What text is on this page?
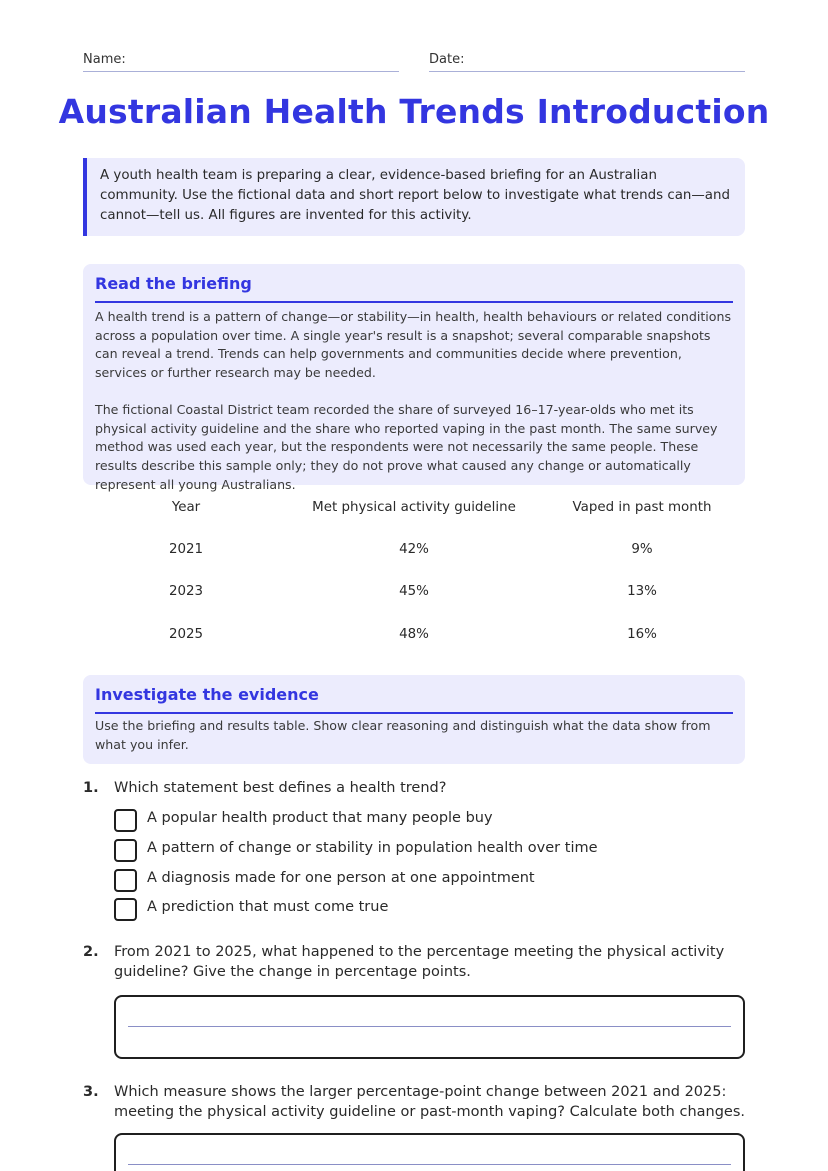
Name:	Date:
Australian Health Trends Introduction
A youth health team is preparing a clear, evidence-based briefing for an Australian community. Use the fictional data and short report below to investigate what trends can—and cannot—tell us. All figures are invented for this activity.
Read the briefing

A health trend is a pattern of change—or stability—in health, health behaviours or related conditions across a population over time. A single year's result is a snapshot; several comparable snapshots can reveal a trend. Trends can help governments and communities decide where prevention, services or further research may be needed.

The fictional Coastal District team recorded the share of surveyed 16–17-year-olds who met its physical activity guideline and the share who reported vaping in the past month. The same survey method was used each year, but the respondents were not necessarily the same people. These results describe this sample only; they do not prove what caused any change or automatically represent all young Australians.

Year	Met physical activity guideline	Vaped in past month
2021	42%	9%
2023	45%	13%
2025	48%	16%
Investigate the evidence

Use the briefing and results table. Show clear reasoning and distinguish what the data show from what you infer.

1. Which statement best defines a health trend?
A popular health product that many people buy
A pattern of change or stability in population health over time
A diagnosis made for one person at one appointment
A prediction that must come true
2. From 2021 to 2025, what happened to the percentage meeting the physical activity guideline? Give the change in percentage points.
3. Which measure shows the larger percentage-point change between 2021 and 2025: meeting the physical activity guideline or past-month vaping? Calculate both changes.
